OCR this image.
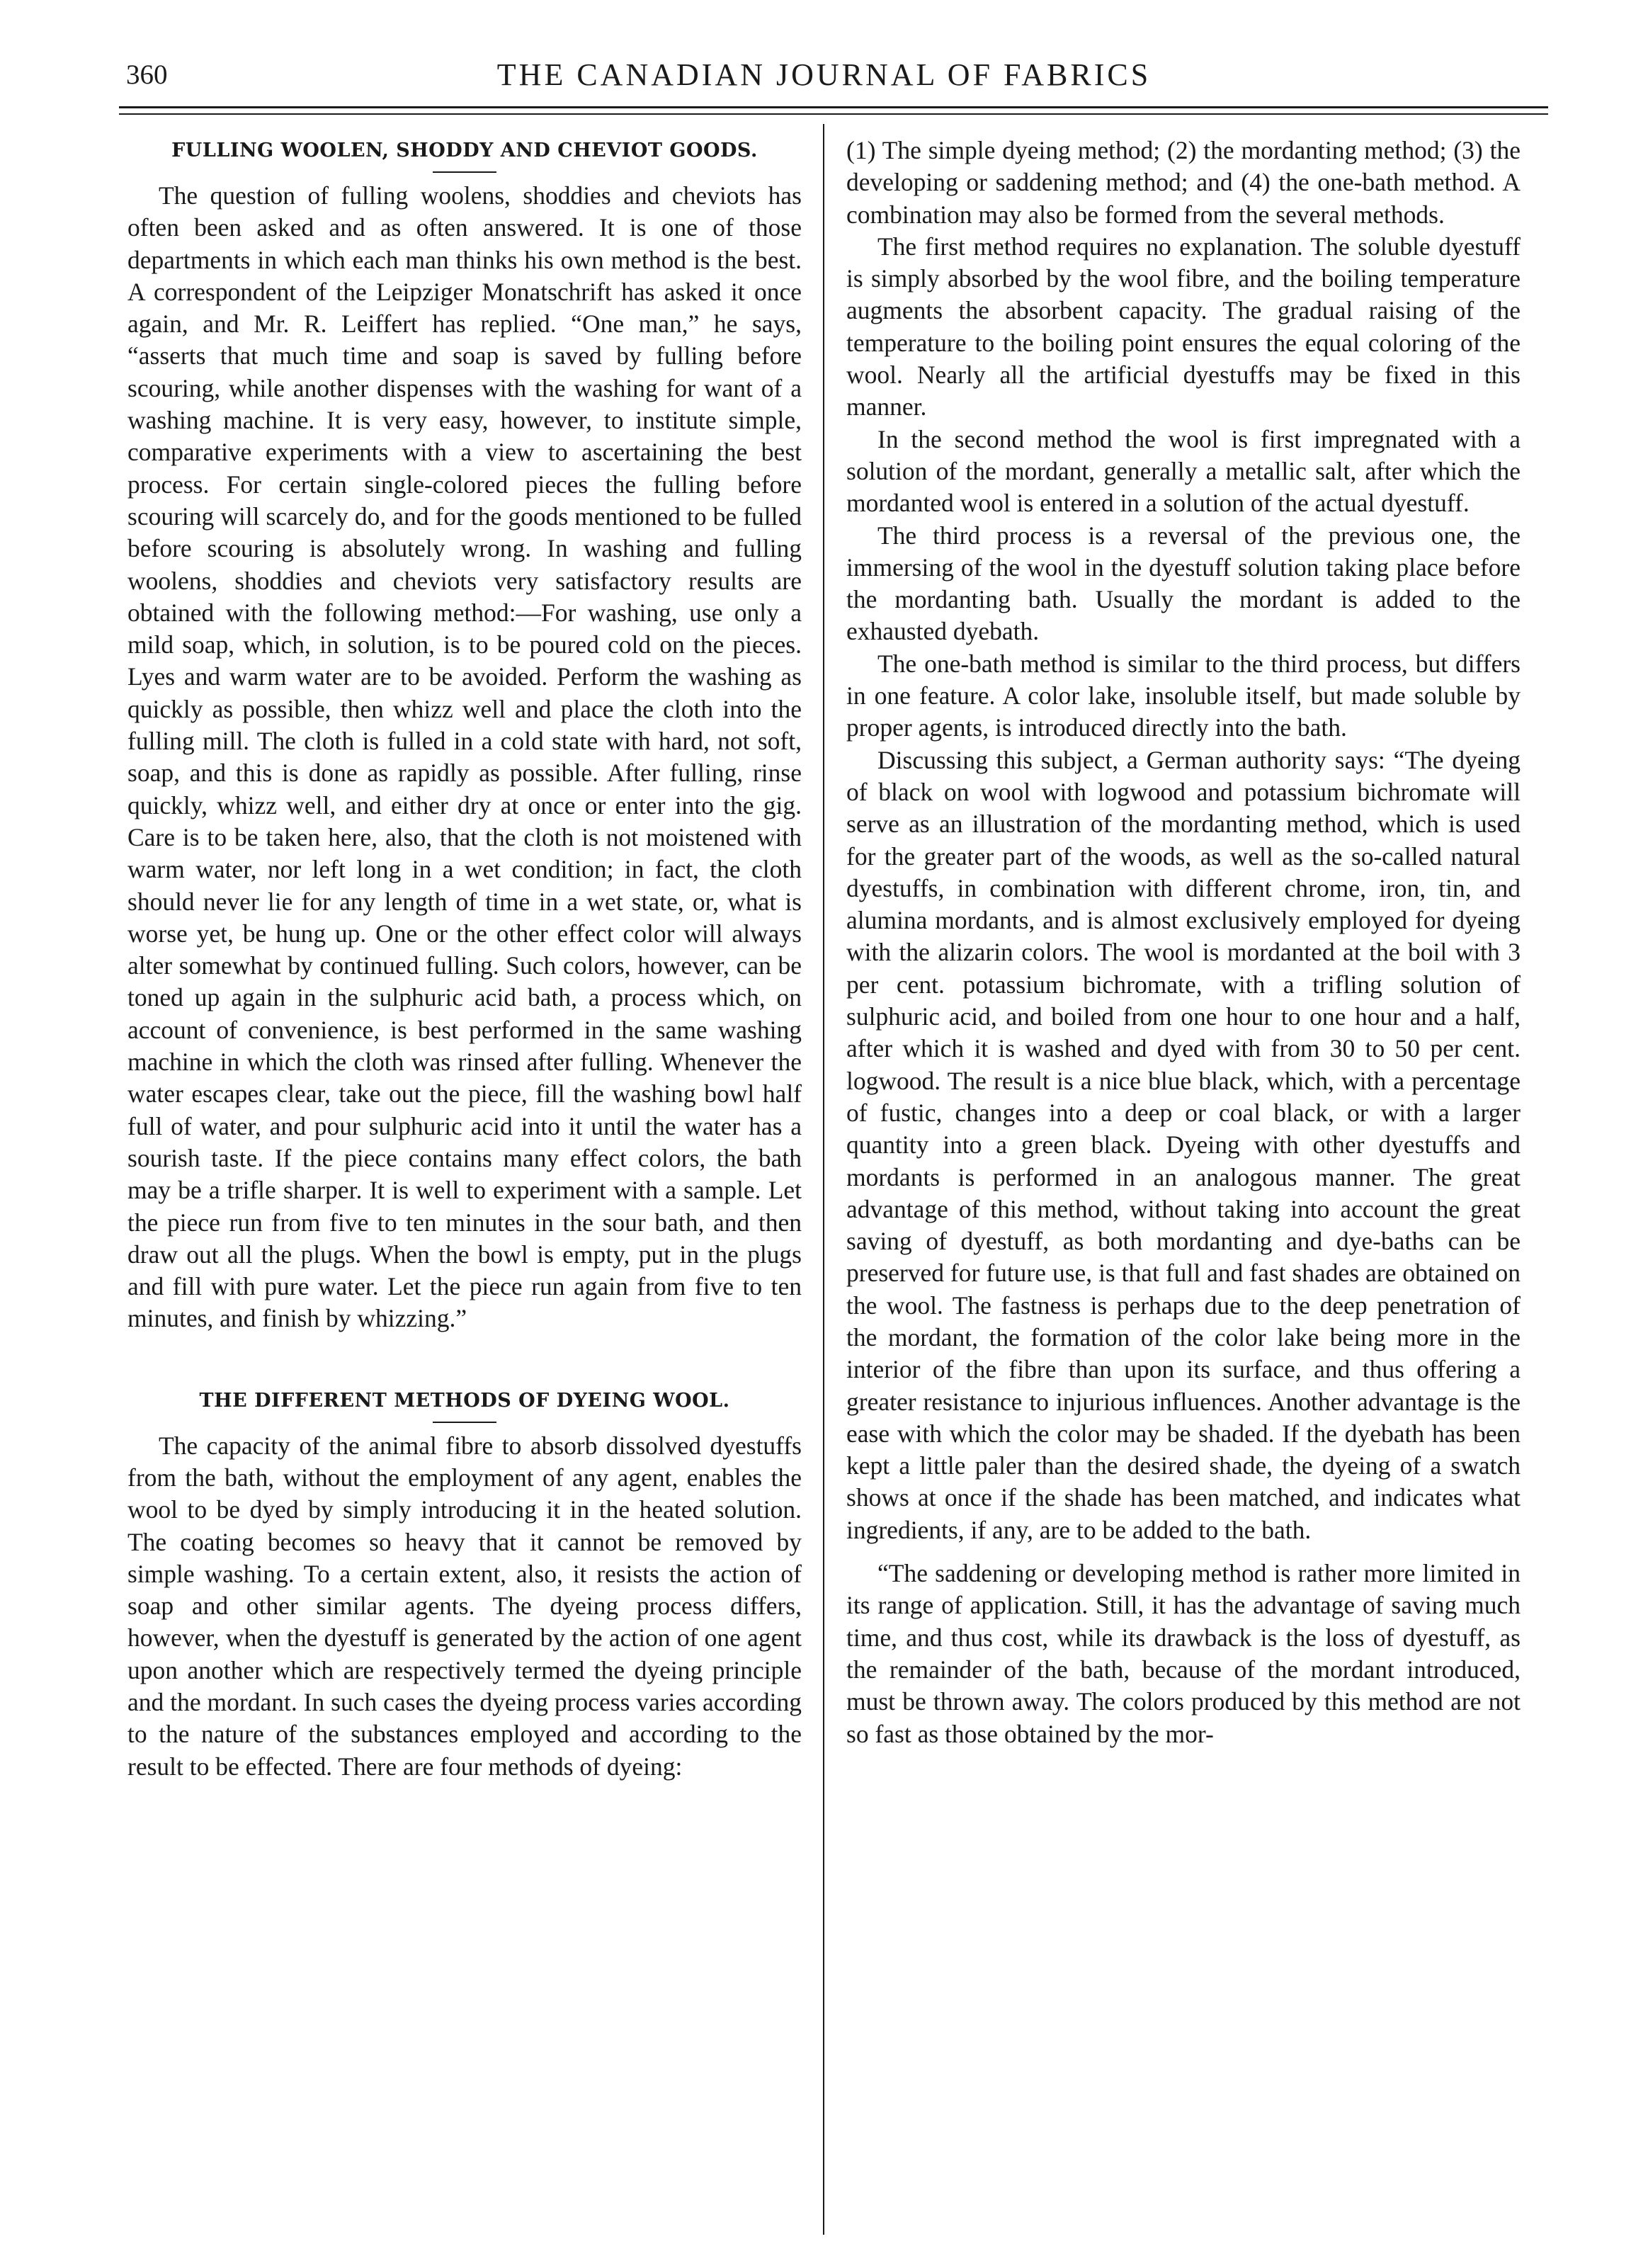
360	THE CANADIAN JOURNAL OF FABRICS
FULLING WOOLEN, SHODDY AND CHEVIOT GOODS.

The question of fulling woolens, shoddies and cheviots has often been asked and as often answered. It is one of those departments in which each man thinks his own method is the best. A correspondent of the Leipziger Monatschrift has asked it once again, and Mr. R. Leiffert has replied. “One man,” he says, “asserts that much time and soap is saved by fulling before scouring, while another dispenses with the washing for want of a washing machine. It is very easy, however, to institute simple, comparative experiments with a view to ascertaining the best process. For certain single-colored pieces the fulling before scouring will scarcely do, and for the goods mentioned to be fulled before scouring is absolutely wrong. In washing and fulling woolens, shoddies and cheviots very satisfactory results are obtained with the following method:—For washing, use only a mild soap, which, in solution, is to be poured cold on the pieces. Lyes and warm water are to be avoided. Perform the washing as quickly as possible, then whizz well and place the cloth into the fulling mill. The cloth is fulled in a cold state with hard, not soft, soap, and this is done as rapidly as possible. After fulling, rinse quickly, whizz well, and either dry at once or enter into the gig. Care is to be taken here, also, that the cloth is not moistened with warm water, nor left long in a wet condition; in fact, the cloth should never lie for any length of time in a wet state, or, what is worse yet, be hung up. One or the other effect color will always alter somewhat by continued fulling. Such colors, however, can be toned up again in the sulphuric acid bath, a process which, on account of convenience, is best performed in the same washing machine in which the cloth was rinsed after fulling. Whenever the water escapes clear, take out the piece, fill the washing bowl half full of water, and pour sulphuric acid into it until the water has a sourish taste. If the piece contains many effect colors, the bath may be a trifle sharper. It is well to experiment with a sample. Let the piece run from five to ten minutes in the sour bath, and then draw out all the plugs. When the bowl is empty, put in the plugs and fill with pure water. Let the piece run again from five to ten minutes, and finish by whizzing.”

THE DIFFERENT METHODS OF DYEING WOOL.

The capacity of the animal fibre to absorb dissolved dyestuffs from the bath, without the employment of any agent, enables the wool to be dyed by simply introducing it in the heated solution. The coating becomes so heavy that it cannot be removed by simple washing. To a certain extent, also, it resists the action of soap and other similar agents. The dyeing process differs, however, when the dyestuff is generated by the action of one agent upon another which are respectively termed the dyeing principle and the mordant. In such cases the dyeing process varies according to the nature of the substances employed and according to the result to be effected. There are four methods of dyeing:

(1) The simple dyeing method; (2) the mordanting method; (3) the developing or saddening method; and (4) the one-bath method. A combination may also be formed from the several methods.

The first method requires no explanation. The soluble dyestuff is simply absorbed by the wool fibre, and the boiling temperature augments the absorbent capacity. The gradual raising of the temperature to the boiling point ensures the equal coloring of the wool. Nearly all the artificial dyestuffs may be fixed in this manner.

In the second method the wool is first impregnated with a solution of the mordant, generally a metallic salt, after which the mordanted wool is entered in a solution of the actual dyestuff.

The third process is a reversal of the previous one, the immersing of the wool in the dyestuff solution taking place before the mordanting bath. Usually the mordant is added to the exhausted dyebath.

The one-bath method is similar to the third process, but differs in one feature. A color lake, insoluble itself, but made soluble by proper agents, is introduced directly into the bath.

Discussing this subject, a German authority says: “The dyeing of black on wool with logwood and potassium bichromate will serve as an illustration of the mordanting method, which is used for the greater part of the woods, as well as the so-called natural dyestuffs, in combination with different chrome, iron, tin, and alumina mordants, and is almost exclusively employed for dyeing with the alizarin colors. The wool is mordanted at the boil with 3 per cent. potassium bichromate, with a trifling solution of sulphuric acid, and boiled from one hour to one hour and a half, after which it is washed and dyed with from 30 to 50 per cent. logwood. The result is a nice blue black, which, with a percentage of fustic, changes into a deep or coal black, or with a larger quantity into a green black. Dyeing with other dyestuffs and mordants is performed in an analogous manner. The great advantage of this method, without taking into account the great saving of dyestuff, as both mordanting and dye-baths can be preserved for future use, is that full and fast shades are obtained on the wool. The fastness is perhaps due to the deep penetration of the mordant, the formation of the color lake being more in the interior of the fibre than upon its surface, and thus offering a greater resistance to injurious influences. Another advantage is the ease with which the color may be shaded. If the dyebath has been kept a little paler than the desired shade, the dyeing of a swatch shows at once if the shade has been matched, and indicates what ingredients, if any, are to be added to the bath.

“The saddening or developing method is rather more limited in its range of application. Still, it has the advantage of saving much time, and thus cost, while its drawback is the loss of dyestuff, as the remainder of the bath, because of the mordant introduced, must be thrown away. The colors produced by this method are not so fast as those obtained by the mor-
